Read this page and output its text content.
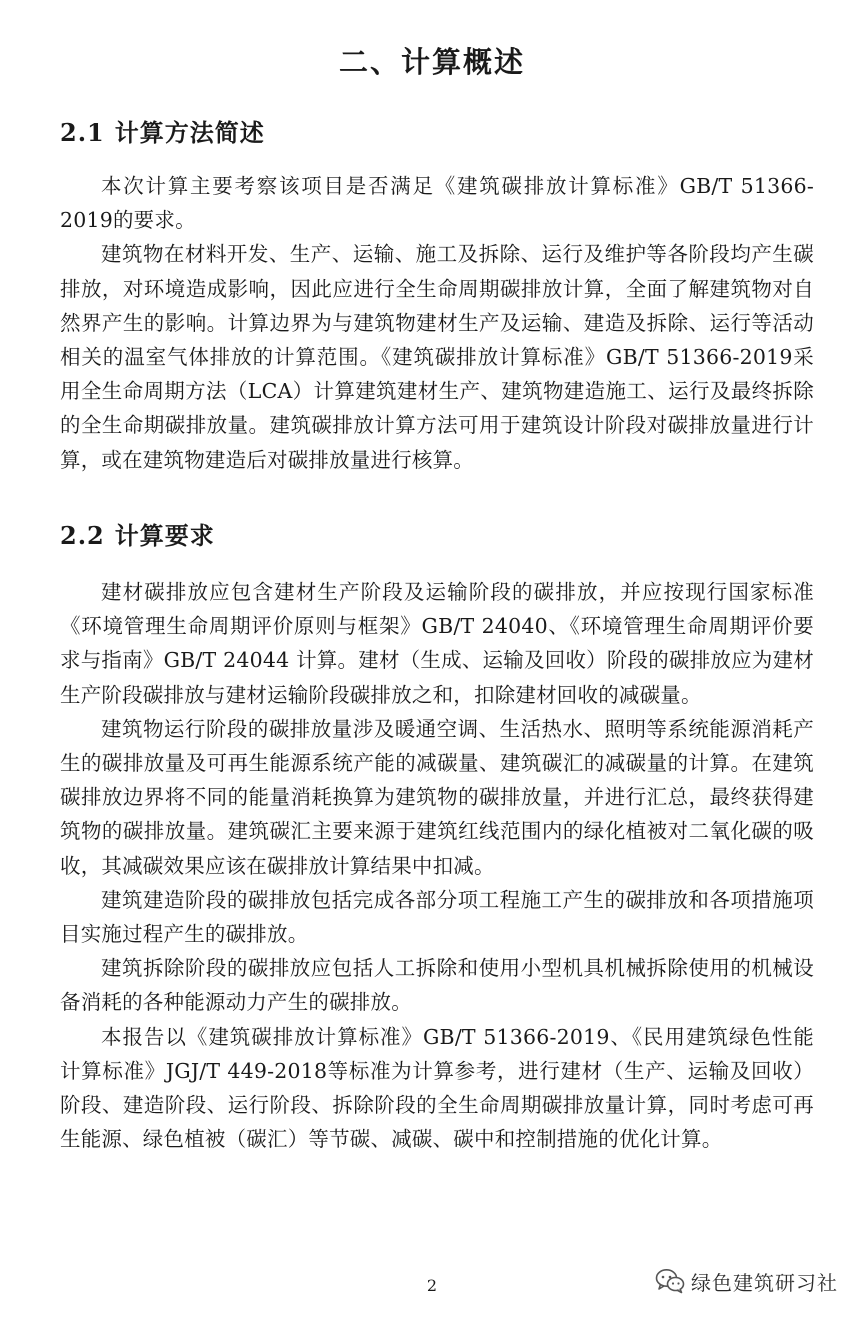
二、计算概述
2.1 计算方法简述

本次计算主要考察该项目是否满足《建筑碳排放计算标准》GB/T 51366-2019的要求。

建筑物在材料开发、生产、运输、施工及拆除、运行及维护等各阶段均产生碳排放，对环境造成影响，因此应进行全生命周期碳排放计算，全面了解建筑物对自然界产生的影响。计算边界为与建筑物建材生产及运输、建造及拆除、运行等活动相关的温室气体排放的计算范围。《建筑碳排放计算标准》GB/T 51366-2019采用全生命周期方法（LCA）计算建筑建材生产、建筑物建造施工、运行及最终拆除的全生命期碳排放量。建筑碳排放计算方法可用于建筑设计阶段对碳排放量进行计算，或在建筑物建造后对碳排放量进行核算。

2.2 计算要求

建材碳排放应包含建材生产阶段及运输阶段的碳排放，并应按现行国家标准《环境管理生命周期评价原则与框架》GB/T 24040、《环境管理生命周期评价要求与指南》GB/T 24044 计算。建材（生成、运输及回收）阶段的碳排放应为建材生产阶段碳排放与建材运输阶段碳排放之和，扣除建材回收的减碳量。

建筑物运行阶段的碳排放量涉及暖通空调、生活热水、照明等系统能源消耗产生的碳排放量及可再生能源系统产能的减碳量、建筑碳汇的减碳量的计算。在建筑碳排放边界将不同的能量消耗换算为建筑物的碳排放量，并进行汇总，最终获得建筑物的碳排放量。建筑碳汇主要来源于建筑红线范围内的绿化植被对二氧化碳的吸收，其减碳效果应该在碳排放计算结果中扣减。

建筑建造阶段的碳排放包括完成各部分项工程施工产生的碳排放和各项措施项目实施过程产生的碳排放。

建筑拆除阶段的碳排放应包括人工拆除和使用小型机具机械拆除使用的机械设备消耗的各种能源动力产生的碳排放。

本报告以《建筑碳排放计算标准》GB/T 51366-2019、《民用建筑绿色性能计算标准》JGJ/T 449-2018等标准为计算参考，进行建材（生产、运输及回收）阶段、建造阶段、运行阶段、拆除阶段的全生命周期碳排放量计算，同时考虑可再生能源、绿色植被（碳汇）等节碳、减碳、碳中和控制措施的优化计算。

2	绿色建筑研习社
